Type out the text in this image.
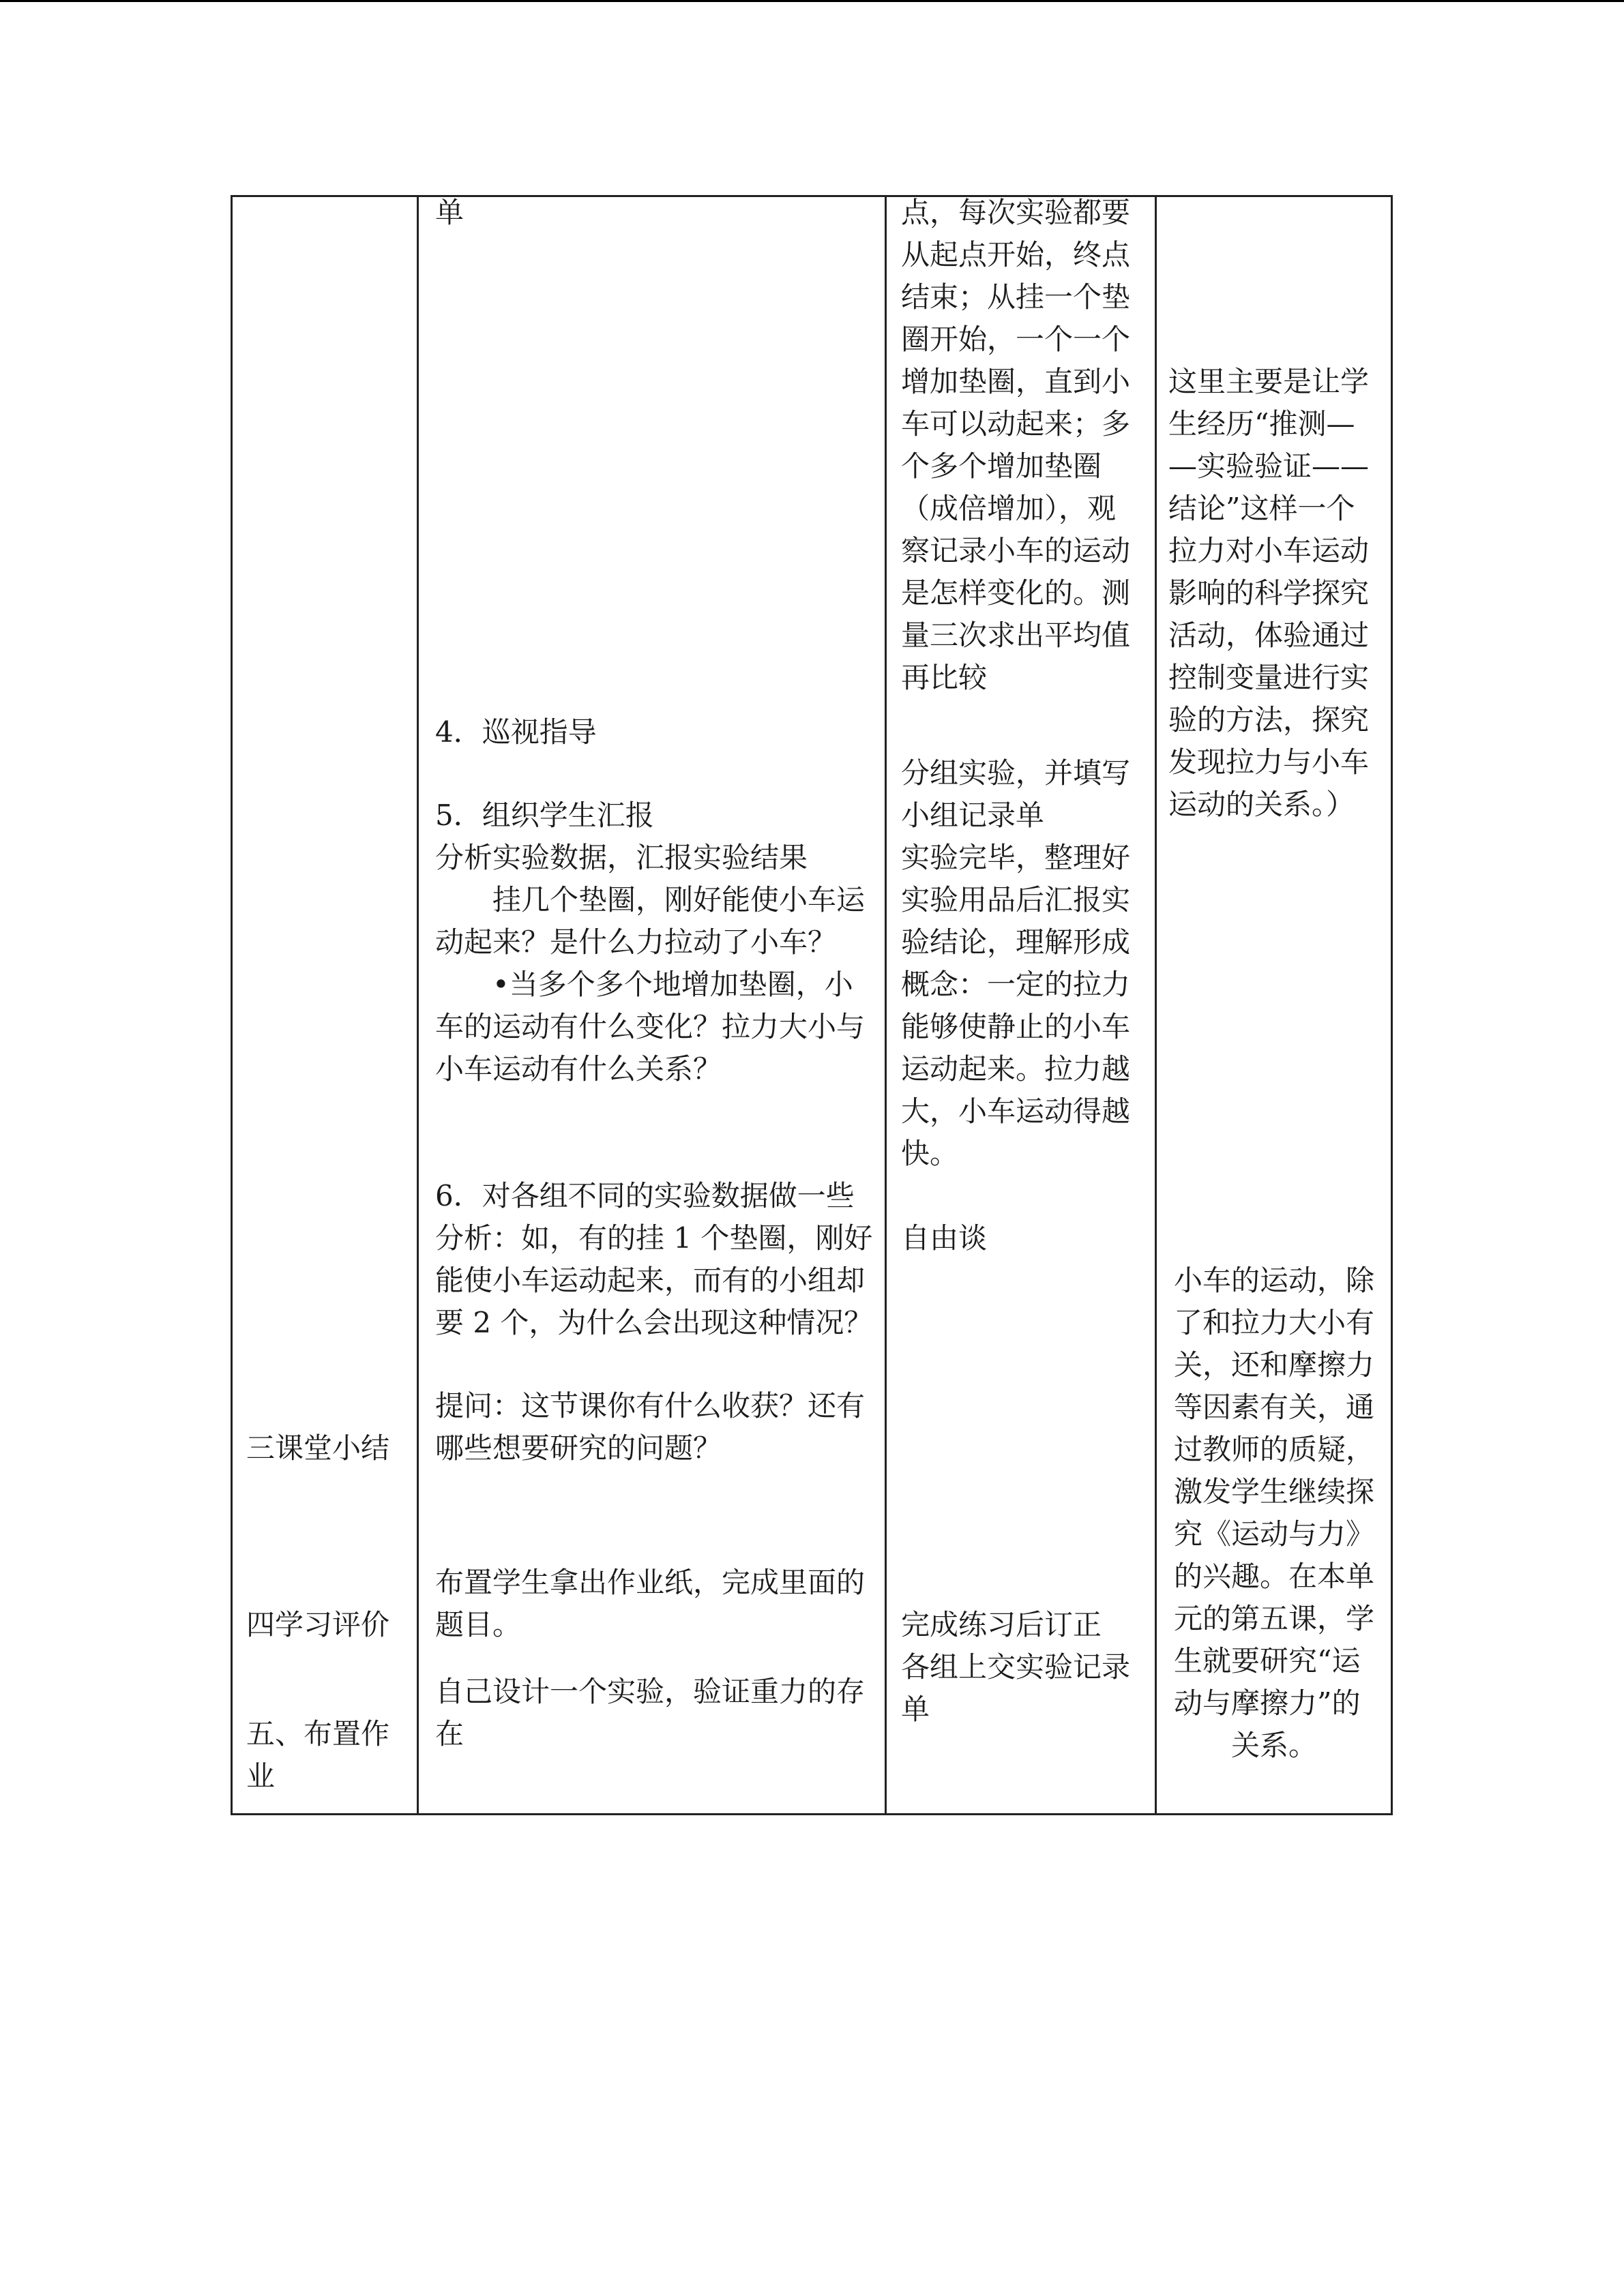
三课堂小结

四学习评价

五、布置作

业

单

4．巡视指导

5．组织学生汇报

分析实验数据，汇报实验结果

挂几个垫圈，刚好能使小车运

动起来？是什么力拉动了小车？

•当多个多个地增加垫圈，小

车的运动有什么变化？拉力大小与

小车运动有什么关系？

6．对各组不同的实验数据做一些

分析：如，有的挂 1 个垫圈，刚好

能使小车运动起来，而有的小组却

要 2 个，为什么会出现这种情况？

提问：这节课你有什么收获？还有

哪些想要研究的问题？

布置学生拿出作业纸，完成里面的

题目。

自己设计一个实验，验证重力的存

在

点，每次实验都要

从起点开始，终点

结束；从挂一个垫

圈开始，一个一个

增加垫圈，直到小

车可以动起来；多

个多个增加垫圈

（成倍增加），观

察记录小车的运动

是怎样变化的。测

量三次求出平均值

再比较

分组实验，并填写

小组记录单

实验完毕，整理好

实验用品后汇报实

验结论，理解形成

概念：一定的拉力

能够使静止的小车

运动起来。拉力越

大，小车运动得越

快。

自由谈

完成练习后订正

各组上交实验记录

单

这里主要是让学

生经历“推测—

—实验验证——

结论”这样一个

拉力对小车运动

影响的科学探究

活动，体验通过

控制变量进行实

验的方法，探究

发现拉力与小车

运动的关系。）

小车的运动，除

了和拉力大小有

关，还和摩擦力

等因素有关，通

过教师的质疑，

激发学生继续探

究《运动与力》

的兴趣。在本单

元的第五课，学

生就要研究“运

动与摩擦力”的

关系。
